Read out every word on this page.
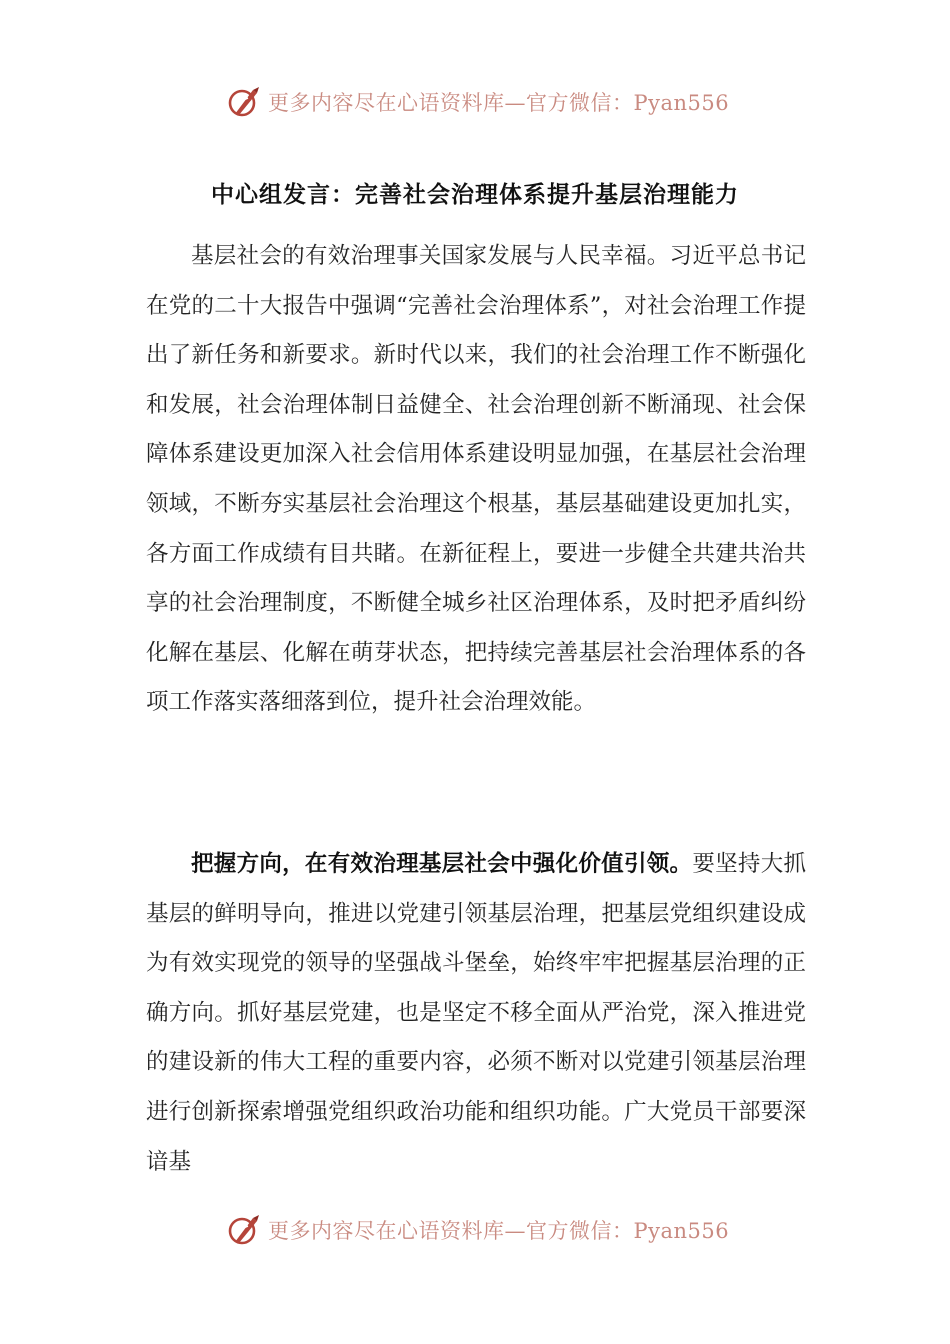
更多内容尽在心语资料库—官方微信：Pyan556
中心组发言：完善社会治理体系提升基层治理能力

基层社会的有效治理事关国家发展与人民幸福。习近平总书记在党的二十大报告中强调“完善社会治理体系”，对社会治理工作提出了新任务和新要求。新时代以来，我们的社会治理工作不断强化和发展，社会治理体制日益健全、社会治理创新不断涌现、社会保障体系建设更加深入社会信用体系建设明显加强，在基层社会治理领域，不断夯实基层社会治理这个根基，基层基础建设更加扎实，各方面工作成绩有目共睹。在新征程上，要进一步健全共建共治共享的社会治理制度，不断健全城乡社区治理体系，及时把矛盾纠纷化解在基层、化解在萌芽状态，把持续完善基层社会治理体系的各项工作落实落细落到位，提升社会治理效能。

把握方向，在有效治理基层社会中强化价值引领。要坚持大抓基层的鲜明导向，推进以党建引领基层治理，把基层党组织建设成为有效实现党的领导的坚强战斗堡垒，始终牢牢把握基层治理的正确方向。抓好基层党建，也是坚定不移全面从严治党，深入推进党的建设新的伟大工程的重要内容，必须不断对以党建引领基层治理进行创新探索增强党组织政治功能和组织功能。广大党员干部要深谙基

更多内容尽在心语资料库—官方微信：Pyan556
